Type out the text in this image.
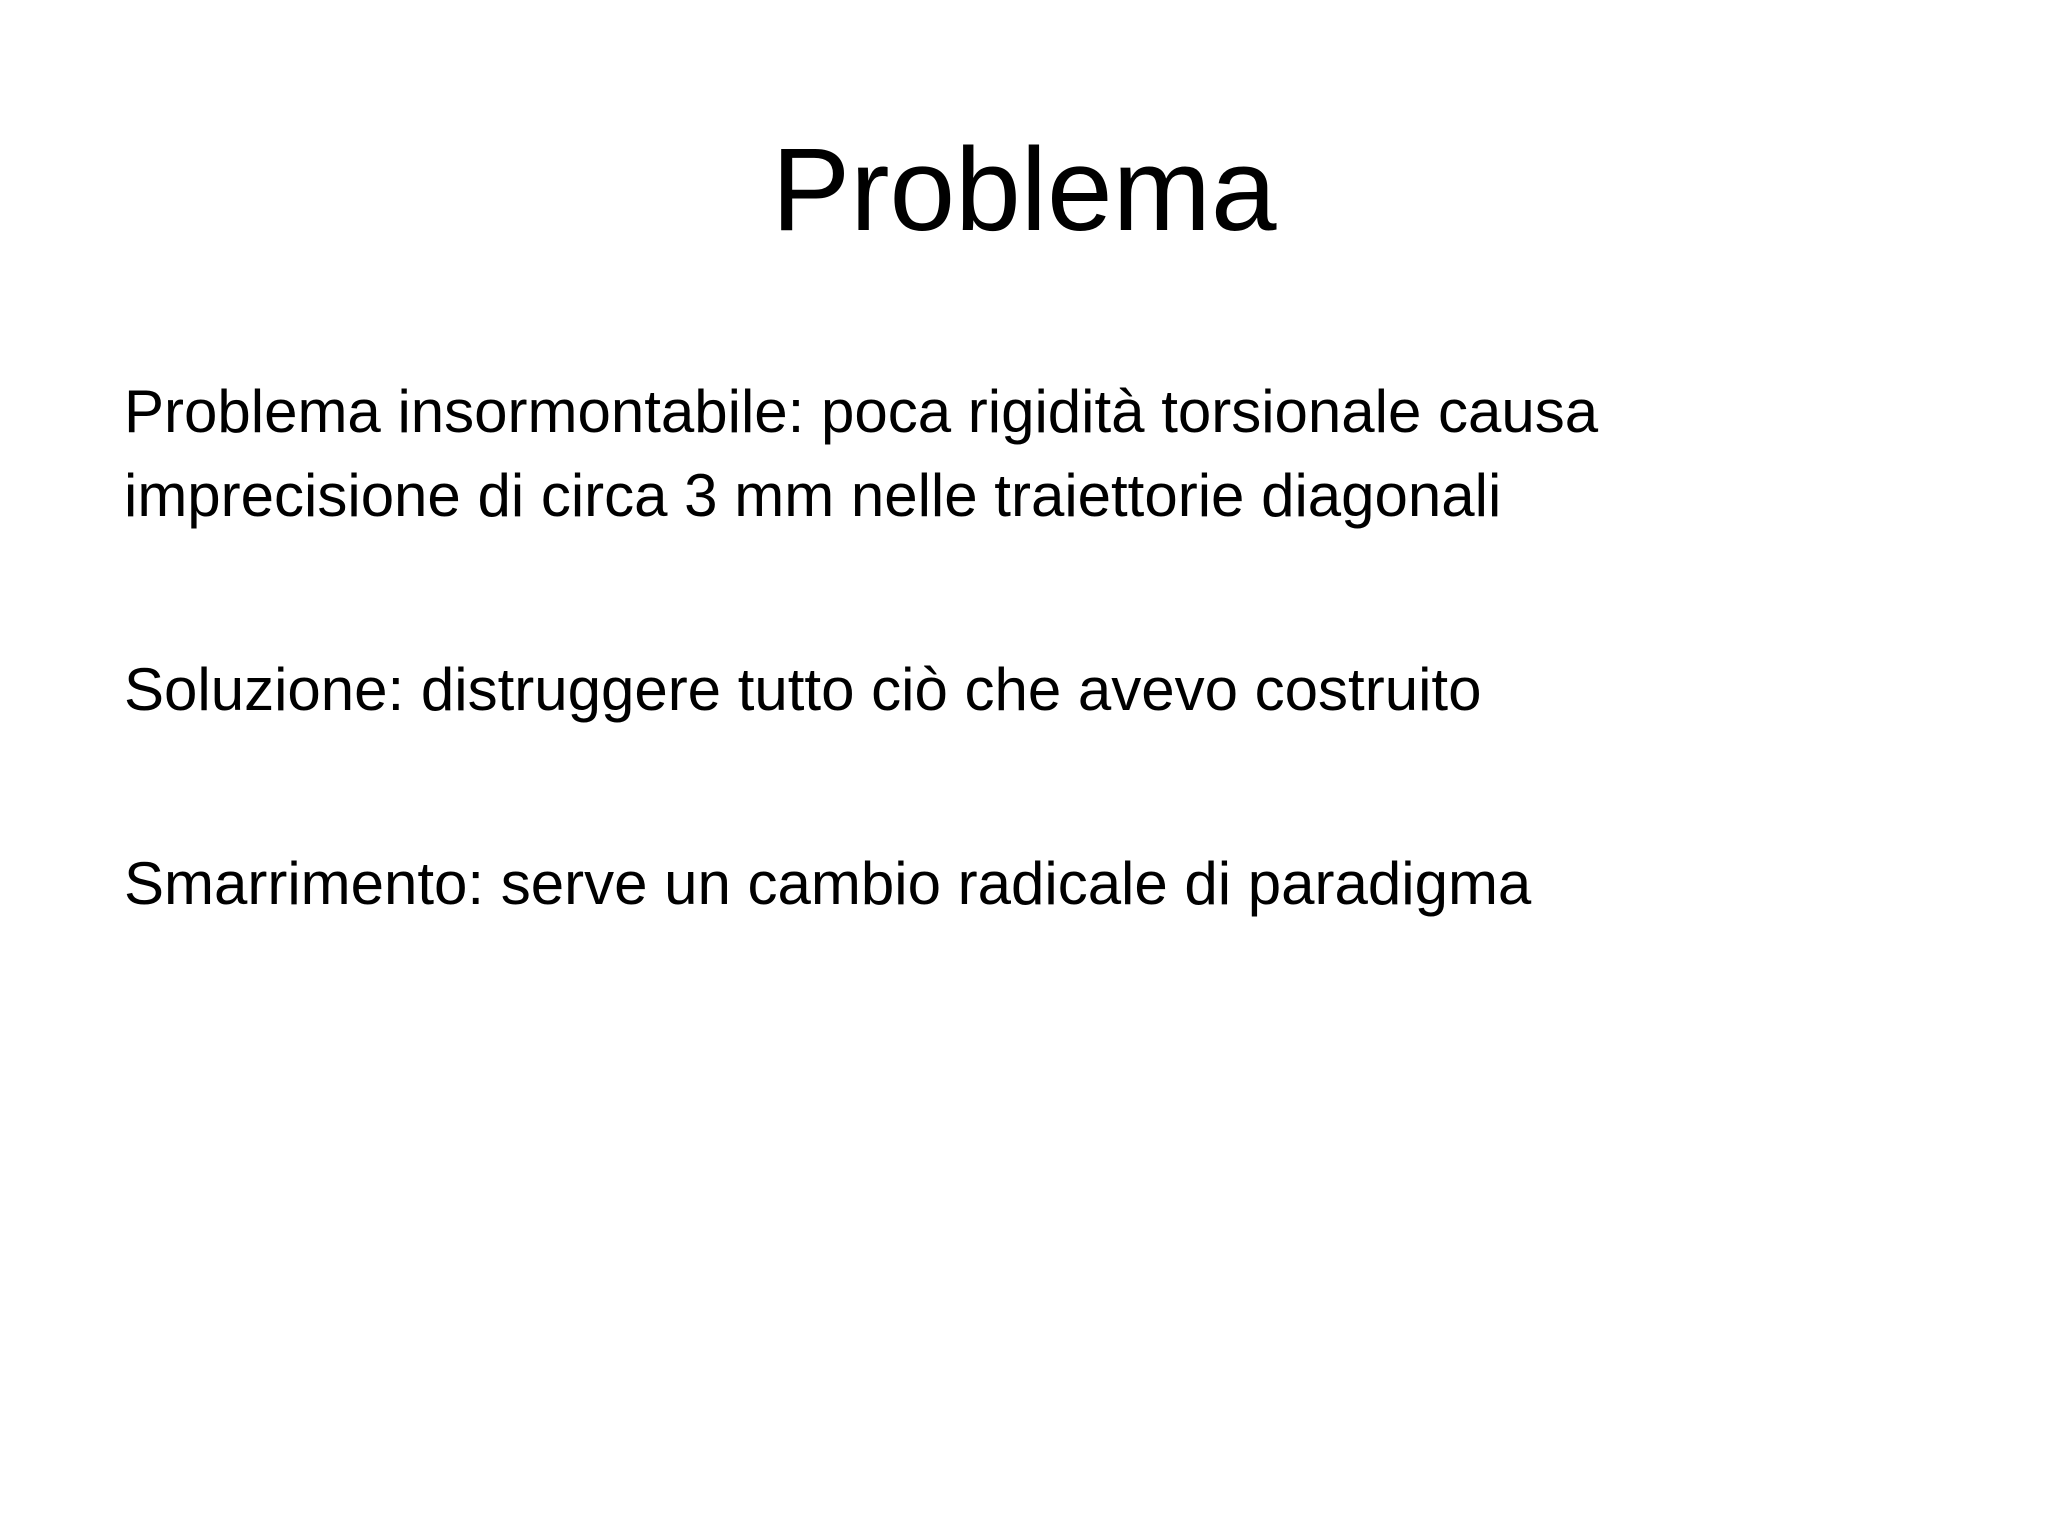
Problema

Problema insormontabile: poca rigidità torsionale causa
imprecisione di circa 3 mm nelle traiettorie diagonali

Soluzione: distruggere tutto ciò che avevo costruito

Smarrimento: serve un cambio radicale di paradigma
